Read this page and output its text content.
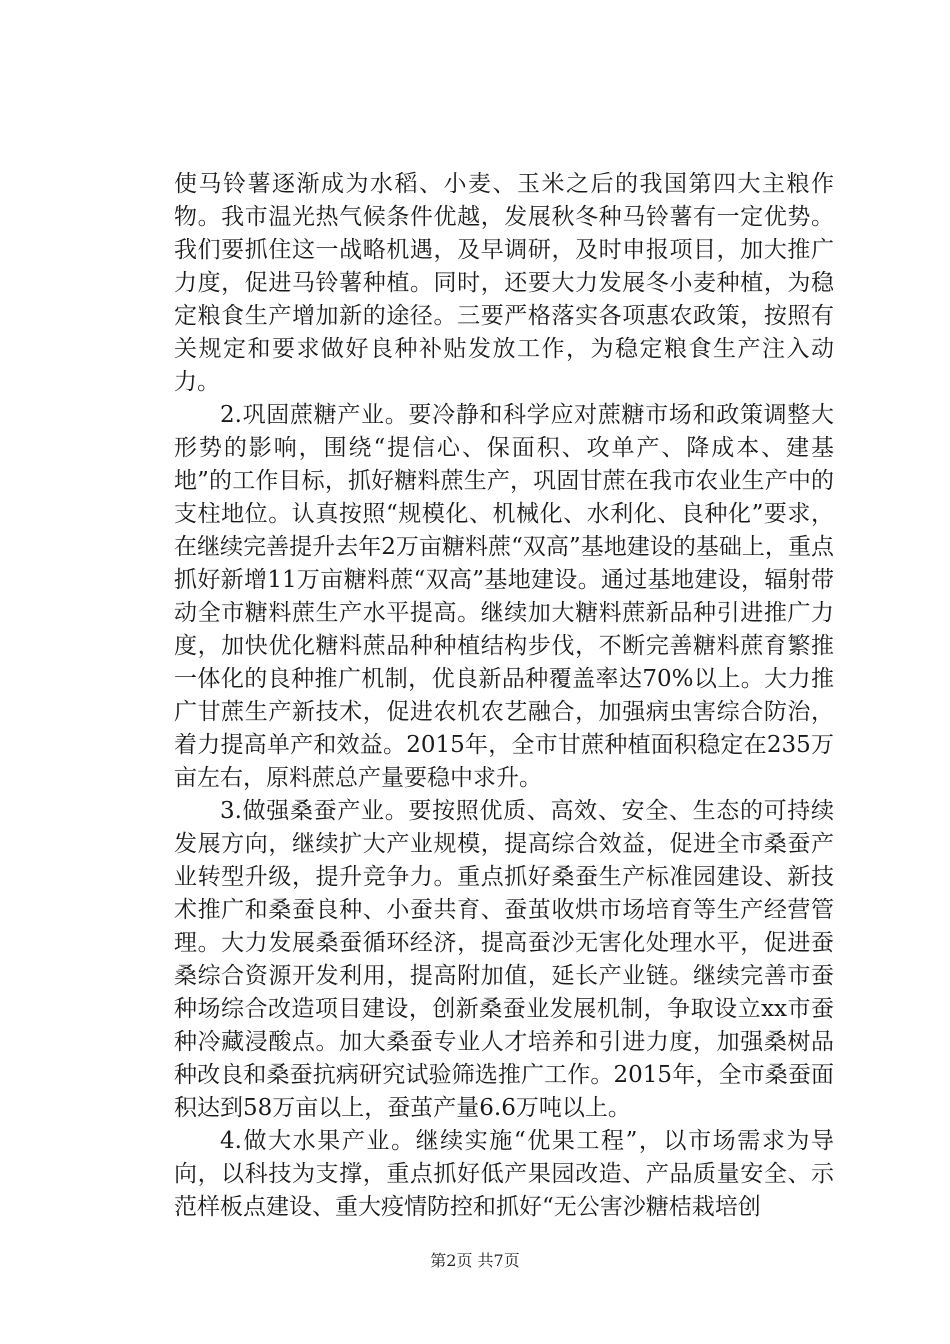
使马铃薯逐渐成为水稻、小麦、玉米之后的我国第四大主粮作物。我市温光热气候条件优越，发展秋冬种马铃薯有一定优势。我们要抓住这一战略机遇，及早调研，及时申报项目，加大推广力度，促进马铃薯种植。同时，还要大力发展冬小麦种植，为稳定粮食生产增加新的途径。三要严格落实各项惠农政策，按照有关规定和要求做好良种补贴发放工作，为稳定粮食生产注入动力。

2.巩固蔗糖产业。要冷静和科学应对蔗糖市场和政策调整大形势的影响，围绕“提信心、保面积、攻单产、降成本、建基地”的工作目标，抓好糖料蔗生产，巩固甘蔗在我市农业生产中的支柱地位。认真按照“规模化、机械化、水利化、良种化”要求，在继续完善提升去年2万亩糖料蔗“双高”基地建设的基础上，重点抓好新增11万亩糖料蔗“双高”基地建设。通过基地建设，辐射带动全市糖料蔗生产水平提高。继续加大糖料蔗新品种引进推广力度，加快优化糖料蔗品种种植结构步伐，不断完善糖料蔗育繁推一体化的良种推广机制，优良新品种覆盖率达70%以上。大力推广甘蔗生产新技术，促进农机农艺融合，加强病虫害综合防治，着力提高单产和效益。2015年，全市甘蔗种植面积稳定在235万亩左右，原料蔗总产量要稳中求升。

3.做强桑蚕产业。要按照优质、高效、安全、生态的可持续发展方向，继续扩大产业规模，提高综合效益，促进全市桑蚕产业转型升级，提升竞争力。重点抓好桑蚕生产标准园建设、新技术推广和桑蚕良种、小蚕共育、蚕茧收烘市场培育等生产经营管理。大力发展桑蚕循环经济，提高蚕沙无害化处理水平，促进蚕桑综合资源开发利用，提高附加值，延长产业链。继续完善市蚕种场综合改造项目建设，创新桑蚕业发展机制，争取设立xx市蚕种冷藏浸酸点。加大桑蚕专业人才培养和引进力度，加强桑树品种改良和桑蚕抗病研究试验筛选推广工作。2015年，全市桑蚕面积达到58万亩以上，蚕茧产量6.6万吨以上。

4.做大水果产业。继续实施“优果工程”，以市场需求为导向，以科技为支撑，重点抓好低产果园改造、产品质量安全、示范样板点建设、重大疫情防控和抓好“无公害沙糖桔栽培创

第2页 共7页
